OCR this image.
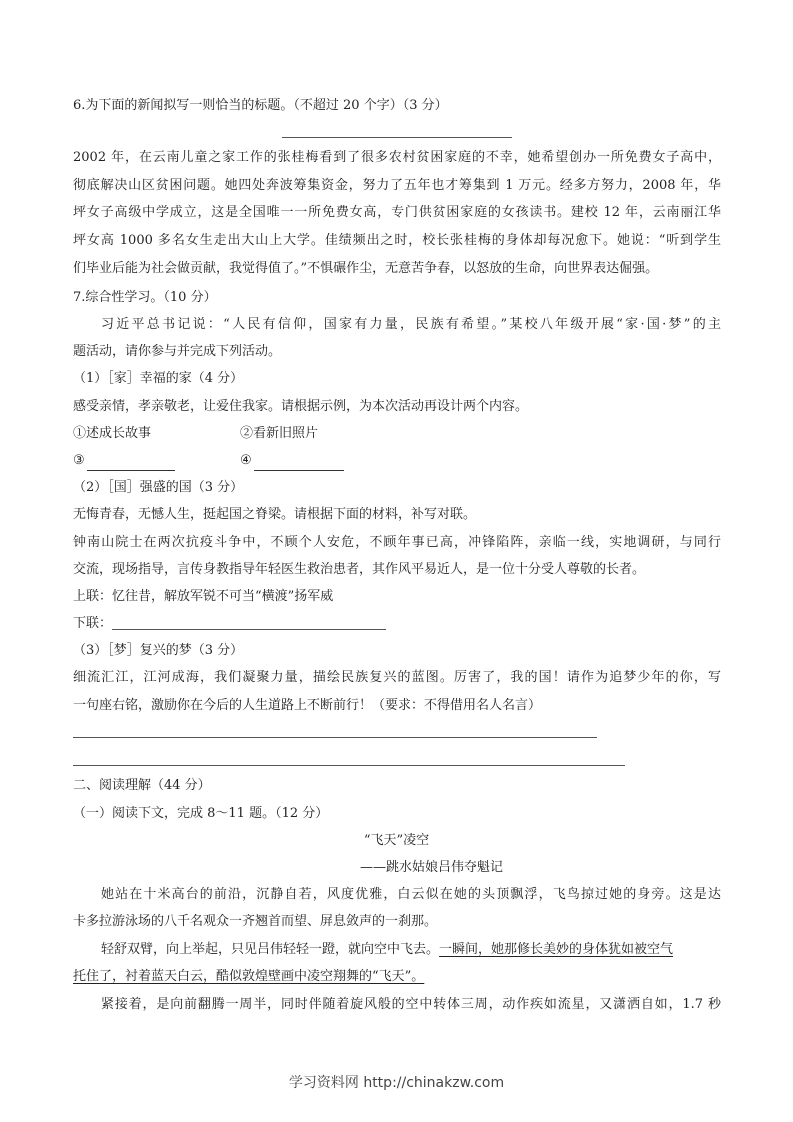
6.为下面的新闻拟写一则恰当的标题。（不超过 20 个字）（3 分）
2002 年，在云南儿童之家工作的张桂梅看到了很多农村贫困家庭的不幸，她希望创办一所免费女子高中，
彻底解决山区贫困问题。她四处奔波筹集资金，努力了五年也才筹集到 1 万元。经多方努力，2008 年，华
坪女子高级中学成立，这是全国唯一一所免费女高，专门供贫困家庭的女孩读书。建校 12 年，云南丽江华
坪女高 1000 多名女生走出大山上大学。佳绩频出之时，校长张桂梅的身体却每况愈下。她说：“听到学生
们毕业后能为社会做贡献，我觉得值了。”不惧碾作尘，无意苦争春，以怒放的生命，向世界表达倔强。
7.综合性学习。（10 分）
习近平总书记说：“人民有信仰，国家有力量，民族有希望。”某校八年级开展“家·国·梦”的主
题活动，请你参与并完成下列活动。
（1）［家］幸福的家（4 分）
感受亲情，孝亲敬老，让爱住我家。请根据示例，为本次活动再设计两个内容。
①述成长故事	②看新旧照片
③	④
（2）［国］强盛的国（3 分）
无悔青春，无憾人生，挺起国之脊梁。请根据下面的材料，补写对联。
钟南山院士在两次抗疫斗争中，不顾个人安危，不顾年事已高，冲锋陷阵，亲临一线，实地调研，与同行
交流，现场指导，言传身教指导年轻医生救治患者，其作风平易近人，是一位十分受人尊敬的长者。
上联：忆往昔，解放军锐不可当“横渡”扬军威
下联：
（3）［梦］复兴的梦（3 分）
细流汇江，江河成海，我们凝聚力量，描绘民族复兴的蓝图。厉害了，我的国！请作为追梦少年的你，写
一句座右铭，激励你在今后的人生道路上不断前行！（要求：不得借用名人名言）
二、阅读理解（44 分）
（一）阅读下文，完成 8～11 题。（12 分）
“飞天”凌空
——跳水姑娘吕伟夺魁记
她站在十米高台的前沿，沉静自若，风度优雅，白云似在她的头顶飘浮，飞鸟掠过她的身旁。这是达
卡多拉游泳场的八千名观众一齐翘首而望、屏息敛声的一刹那。
轻舒双臂，向上举起，只见吕伟轻轻一蹬，就向空中飞去。一瞬间，她那修长美妙的身体犹如被空气
托住了，衬着蓝天白云，酷似敦煌壁画中凌空翔舞的“飞天”。
紧接着，是向前翻腾一周半，同时伴随着旋风般的空中转体三周，动作疾如流星，又潇洒自如，1.7 秒
学习资料网 http://chinakzw.com
